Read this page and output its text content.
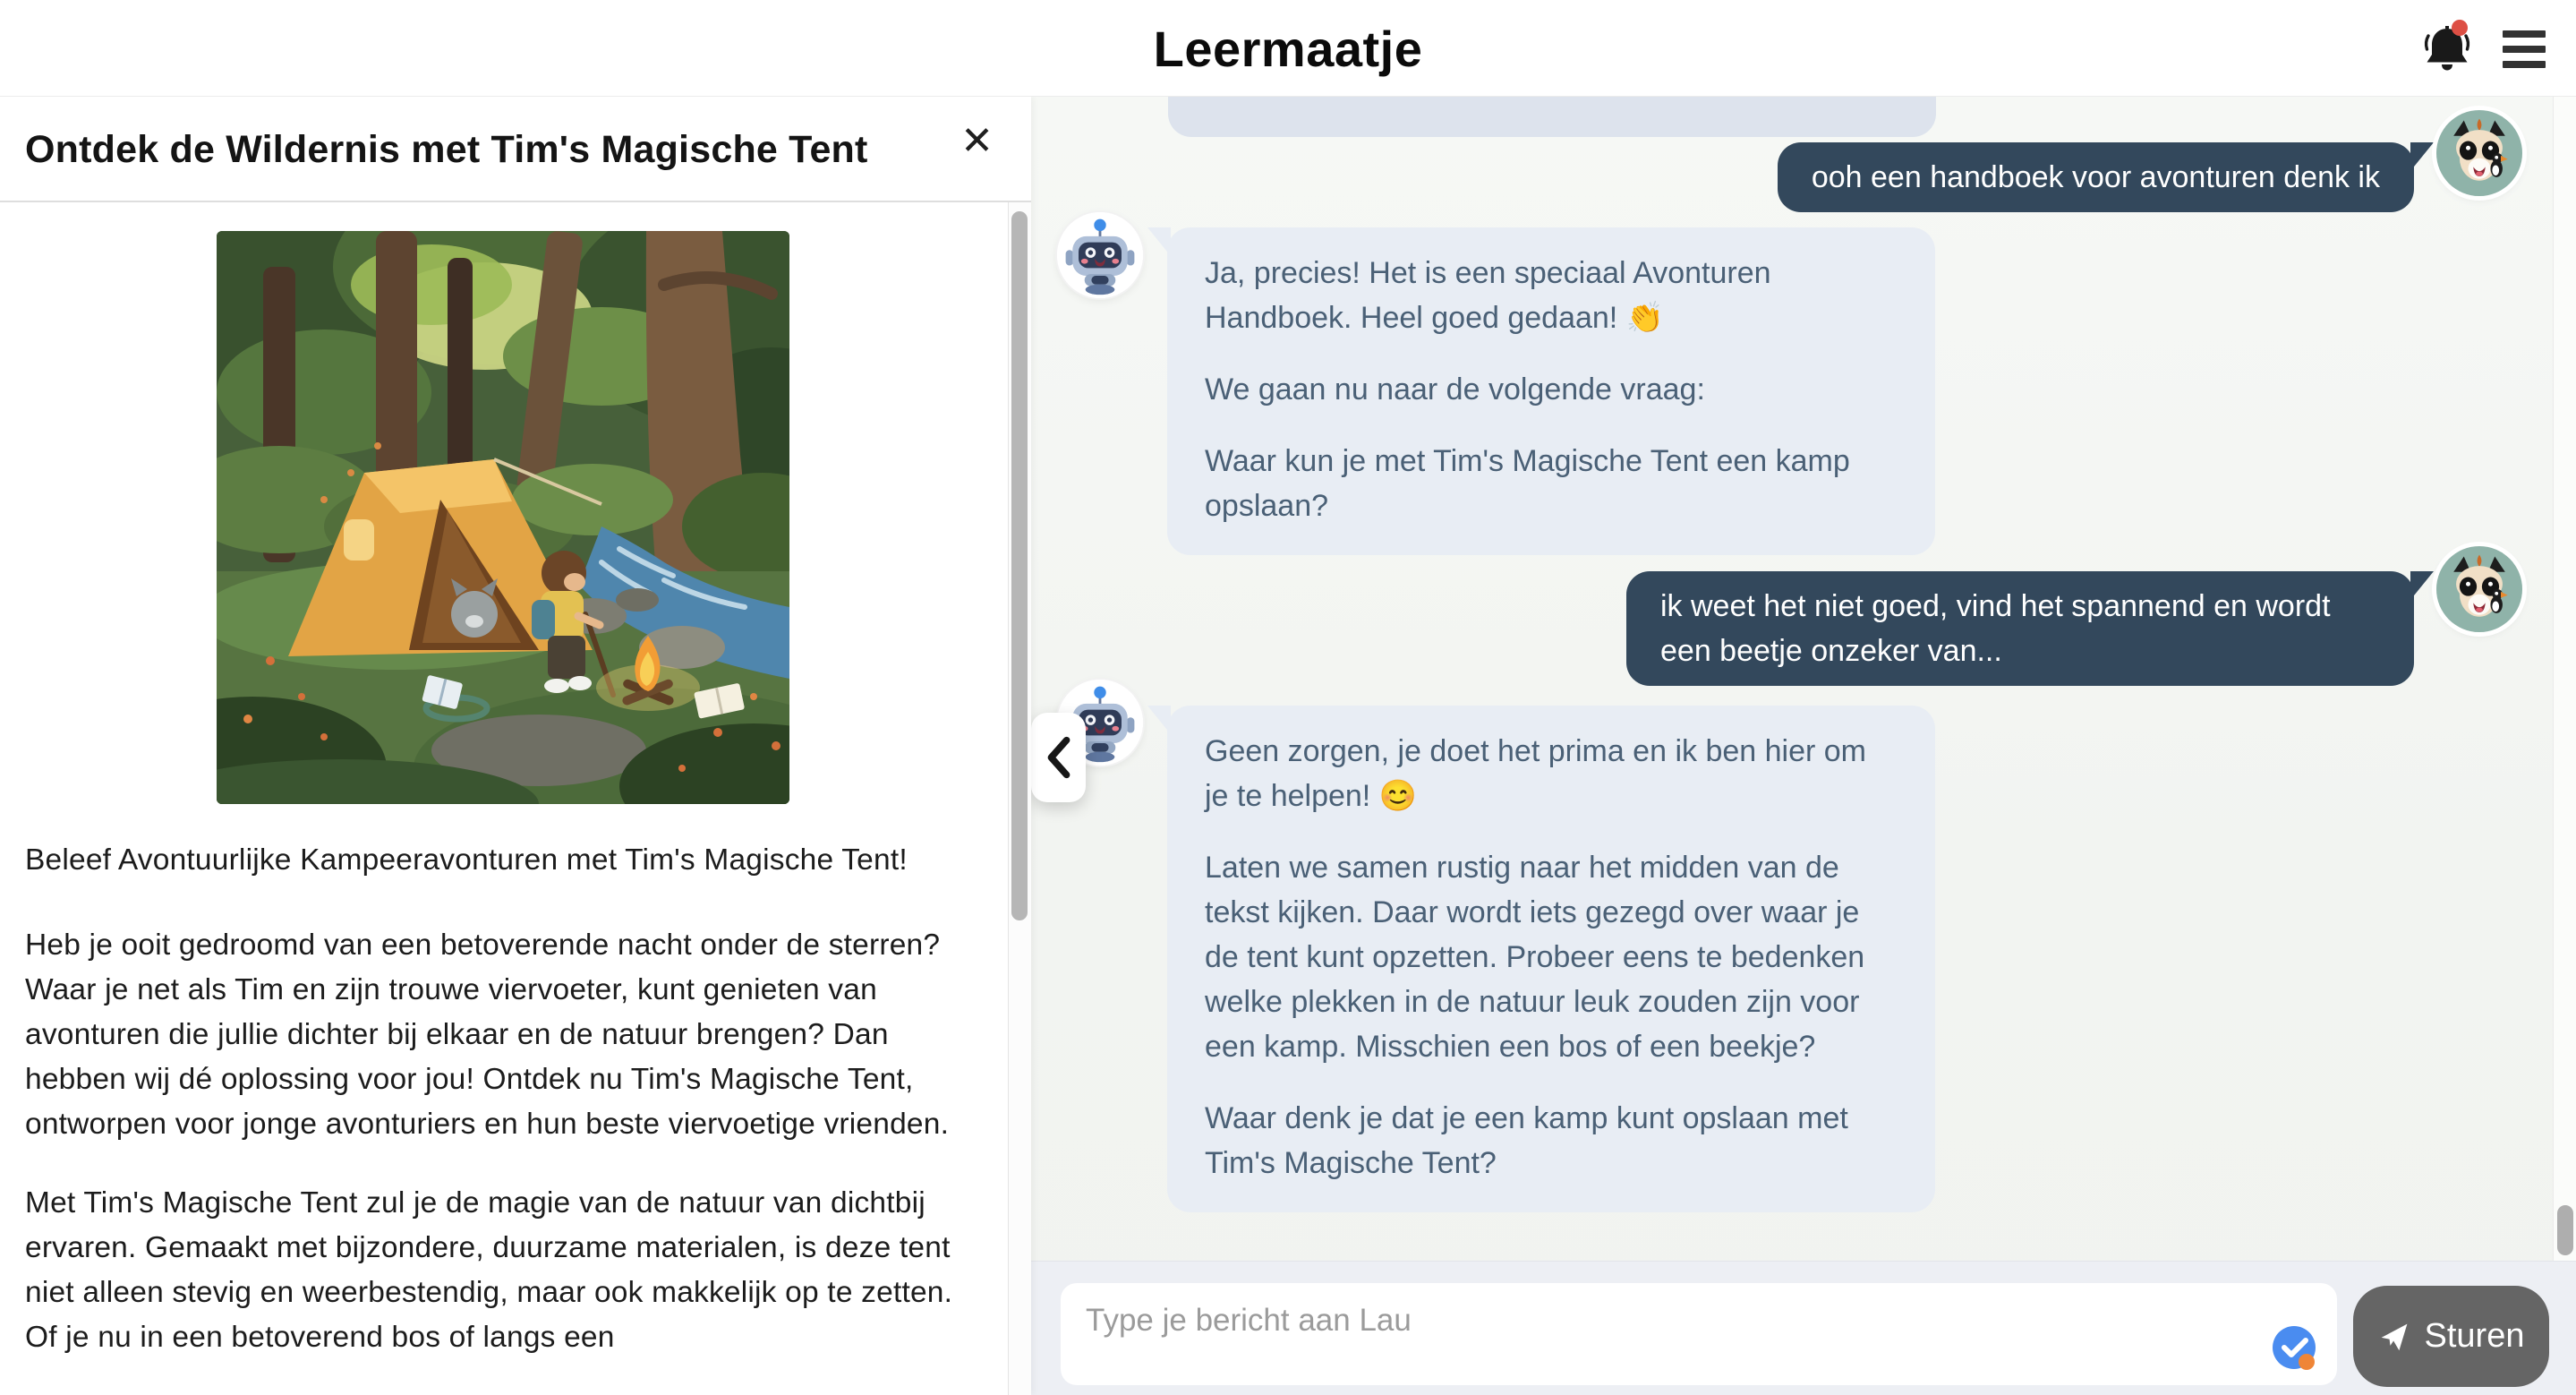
Leermaatje
Ontdek de Wildernis met Tim's Magische Tent ✕

Beleef Avontuurlijke Kampeeravonturen met Tim's Magische Tent!

Heb je ooit gedroomd van een betoverende nacht onder de sterren? Waar je net als Tim en zijn trouwe viervoeter, kunt genieten van avonturen die jullie dichter bij elkaar en de natuur brengen? Dan hebben wij dé oplossing voor jou! Ontdek nu Tim's Magische Tent, ontworpen voor jonge avonturiers en hun beste viervoetige vrienden.

Met Tim's Magische Tent zul je de magie van de natuur van dichtbij ervaren. Gemaakt met bijzondere, duurzame materialen, is deze tent niet alleen stevig en weerbestendig, maar ook makkelijk op te zetten. Of je nu in een betoverend bos of langs een

ooh een handboek voor avonturen denk ik

Ja, precies! Het is een speciaal Avonturen Handboek. Heel goed gedaan! 👏

We gaan nu naar de volgende vraag:

Waar kun je met Tim's Magische Tent een kamp opslaan?

ik weet het niet goed, vind het spannend en wordt een beetje onzeker van...

Geen zorgen, je doet het prima en ik ben hier om je te helpen! 😊

Laten we samen rustig naar het midden van de tekst kijken. Daar wordt iets gezegd over waar je de tent kunt opzetten. Probeer eens te bedenken welke plekken in de natuur leuk zouden zijn voor een kamp. Misschien een bos of een beekje?

Waar denk je dat je een kamp kunt opslaan met Tim's Magische Tent?

Type je bericht aan Lau
Sturen
